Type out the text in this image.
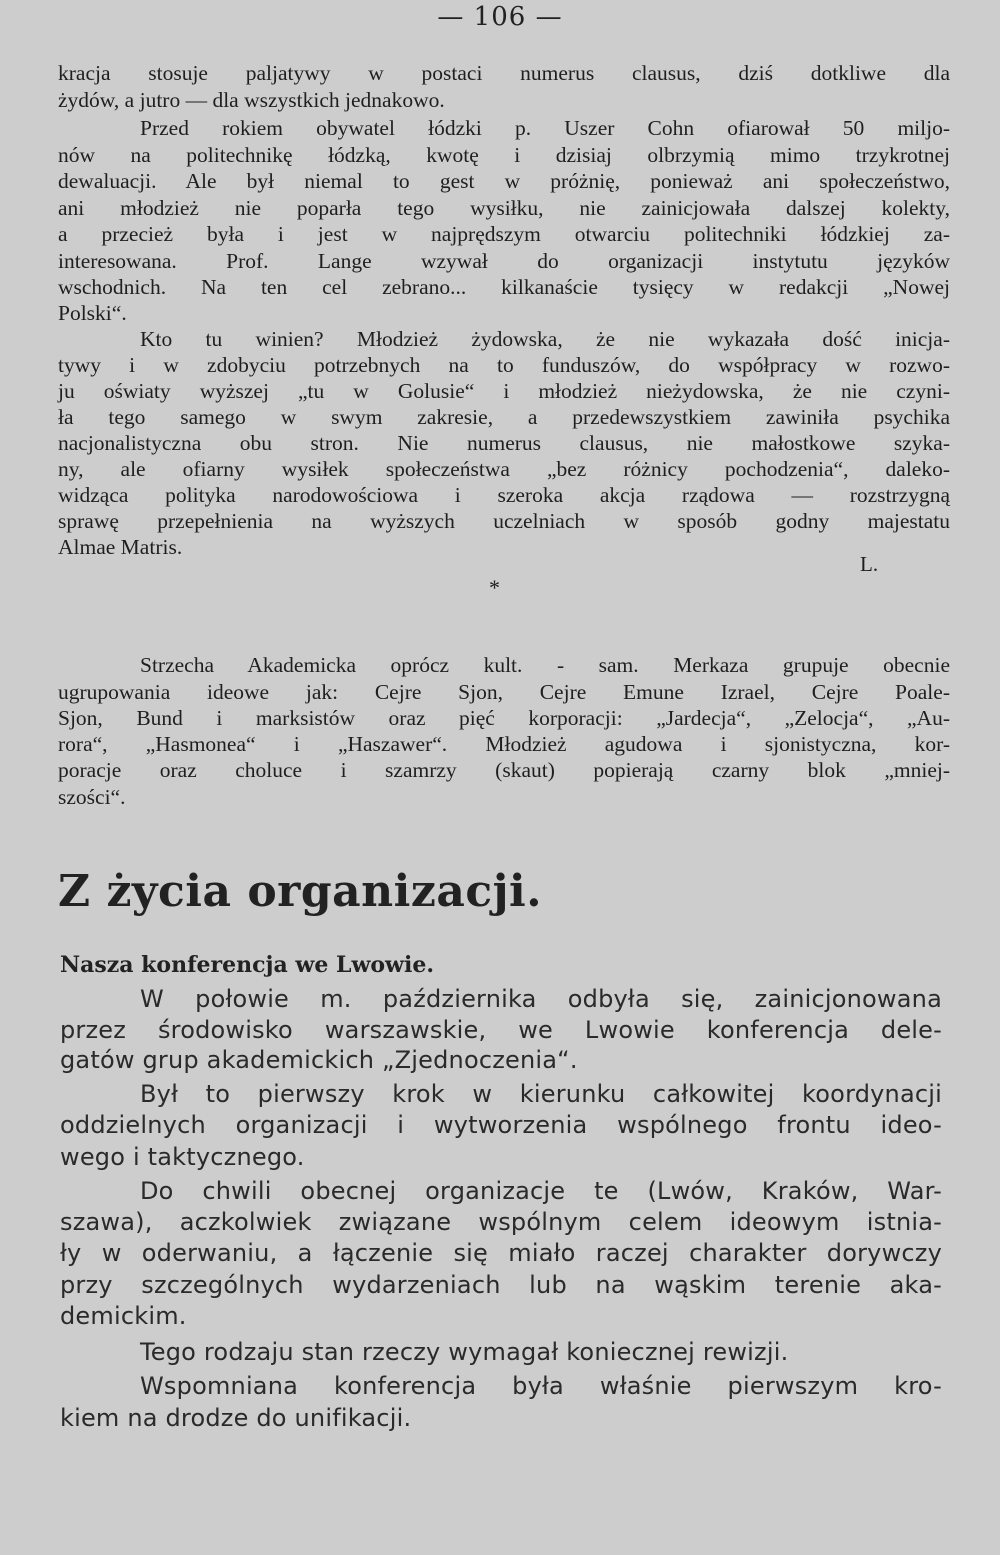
— 106 —
kracja stosuje paljatywy w postaci numerus clausus, dziś dotkliwe dla
żydów, a jutro — dla wszystkich jednakowo.
Przed rokiem obywatel łódzki p. Uszer Cohn ofiarował 50 miljo-
nów na politechnikę łódzką, kwotę i dzisiaj olbrzymią mimo trzykrotnej
dewaluacji. Ale był niemal to gest w próżnię, ponieważ ani społeczeństwo,
ani młodzież nie poparła tego wysiłku, nie zainicjowała dalszej kolekty,
a przecież była i jest w najprędszym otwarciu politechniki łódzkiej za-
interesowana. Prof. Lange wzywał do organizacji instytutu języków
wschodnich. Na ten cel zebrano... kilkanaście tysięcy w redakcji „Nowej
Polski“.
Kto tu winien? Młodzież żydowska, że nie wykazała dość inicja-
tywy i w zdobyciu potrzebnych na to funduszów, do współpracy w rozwo-
ju oświaty wyższej „tu w Golusie“ i młodzież nieżydowska, że nie czyni-
ła tego samego w swym zakresie, a przedewszystkiem zawiniła psychika
nacjonalistyczna obu stron. Nie numerus clausus, nie małostkowe szyka-
ny, ale ofiarny wysiłek społeczeństwa „bez różnicy pochodzenia“, daleko-
widząca polityka narodowościowa i szeroka akcja rządowa — rozstrzygną
sprawę przepełnienia na wyższych uczelniach w sposób godny majestatu
Almae Matris.
L.
*
Strzecha Akademicka oprócz kult. - sam. Merkaza grupuje obecnie
ugrupowania ideowe jak: Cejre Sjon, Cejre Emune Izrael, Cejre Poale-
Sjon, Bund i marksistów oraz pięć korporacji: „Jardecja“, „Zelocja“, „Au-
rora“, „Hasmonea“ i „Haszawer“. Młodzież agudowa i sjonistyczna, kor-
poracje oraz choluce i szamrzy (skaut) popierają czarny blok „mniej-
szości“.
Z życia organizacji.
Nasza konferencja we Lwowie.
W połowie m. października odbyła się, zainicjonowana
przez środowisko warszawskie, we Lwowie konferencja dele-
gatów grup akademickich „Zjednoczenia“.
Był to pierwszy krok w kierunku całkowitej koordynacji
oddzielnych organizacji i wytworzenia wspólnego frontu ideo-
wego i taktycznego.
Do chwili obecnej organizacje te (Lwów, Kraków, War-
szawa), aczkolwiek związane wspólnym celem ideowym istnia-
ły w oderwaniu, a łączenie się miało raczej charakter dorywczy
przy szczególnych wydarzeniach lub na wąskim terenie aka-
demickim.
Tego rodzaju stan rzeczy wymagał koniecznej rewizji.
Wspomniana konferencja była właśnie pierwszym kro-
kiem na drodze do unifikacji.
